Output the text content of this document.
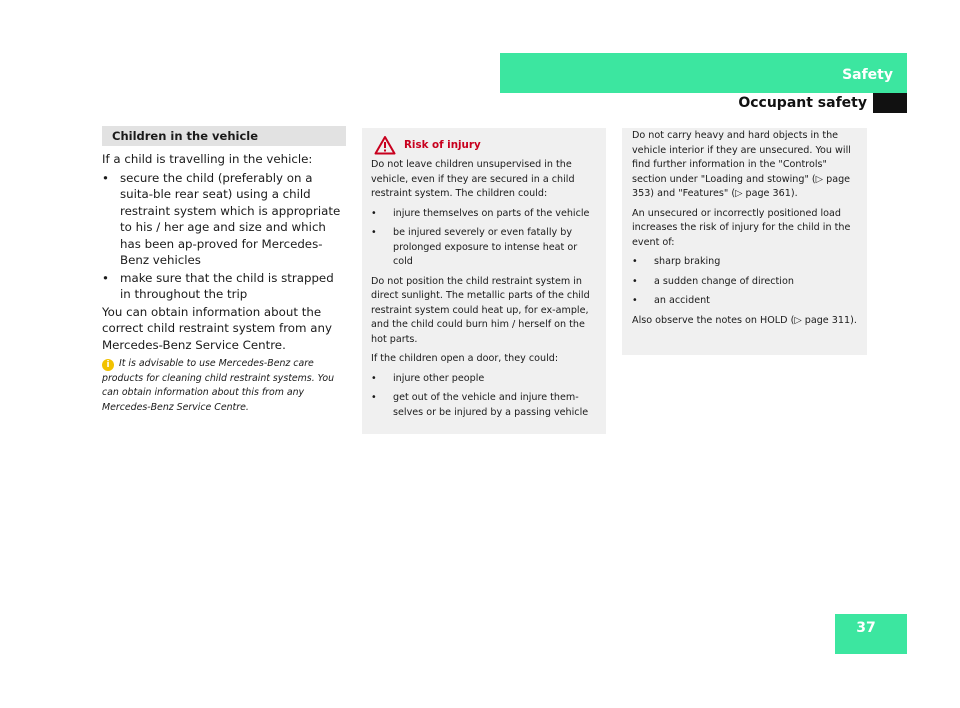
Safety
Occupant safety
Children in the vehicle

If a child is travelling in the vehicle:

• secure the child (preferably on a suita-ble rear seat) using a child restraint system which is appropriate to his / her age and size and which has been ap-proved for Mercedes-Benz vehicles
• make sure that the child is strapped in throughout the trip

You can obtain information about the correct child restraint system from any Mercedes-Benz Service Centre.

i It is advisable to use Mercedes-Benz care products for cleaning child restraint systems. You can obtain information about this from any Mercedes-Benz Service Centre.
Risk of injury

Do not leave children unsupervised in the vehicle, even if they are secured in a child restraint system. The children could:

•	injure themselves on parts of the vehicle
•	be injured severely or even fatally by prolonged exposure to intense heat or cold

Do not position the child restraint system in direct sunlight. The metallic parts of the child restraint system could heat up, for ex-ample, and the child could burn him / herself on the hot parts.

If the children open a door, they could:

•	injure other people
•	get out of the vehicle and injure them-selves or be injured by a passing vehicle

Do not carry heavy and hard objects in the vehicle interior if they are unsecured. You will find further information in the "Controls" section under "Loading and stowing" (▷ page 353) and "Features" (▷ page 361).

An unsecured or incorrectly positioned load increases the risk of injury for the child in the event of:

•	sharp braking
•	a sudden change of direction
•	an accident

Also observe the notes on HOLD (▷ page 311).

37
